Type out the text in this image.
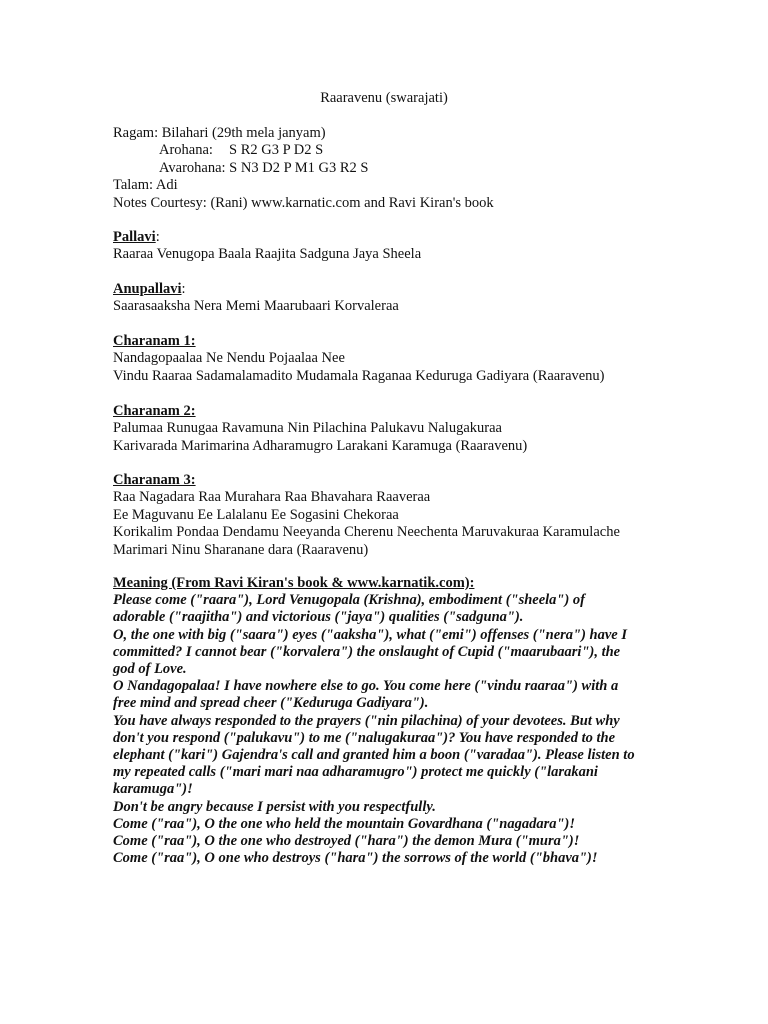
Raaravenu (swarajati)
Ragam: Bilahari (29th mela janyam)
Arohana: S R2 G3 P D2 S
Avarohana: S N3 D2 P M1 G3 R2 S
Talam: Adi
Notes Courtesy: (Rani) www.karnatic.com and Ravi Kiran's book
Pallavi:
Raaraa Venugopa Baala Raajita Sadguna Jaya Sheela
Anupallavi:
Saarasaaksha Nera Memi Maarubaari Korvaleraa
Charanam 1:
Nandagopaalaa Ne Nendu Pojaalaa Nee
Vindu Raaraa Sadamalamadito Mudamala Raganaa Keduruga Gadiyara (Raaravenu)
Charanam 2:
Palumaa Runugaa Ravamuna Nin Pilachina Palukavu Nalugakuraa
Karivarada Marimarina Adharamugro Larakani Karamuga (Raaravenu)
Charanam 3:
Raa Nagadara Raa Murahara Raa Bhavahara Raaveraa
Ee Maguvanu Ee Lalalanu Ee Sogasini Chekoraa
Korikalim Pondaa Dendamu Neeyanda Cherenu Neechenta Maruvakuraa Karamulache
Marimari Ninu Sharanane dara (Raaravenu)
Meaning (From Ravi Kiran's book & www.karnatik.com):
Please come ("raara"), Lord Venugopala (Krishna), embodiment ("sheela") of
adorable ("raajitha") and victorious ("jaya") qualities ("sadguna").
O, the one with big ("saara") eyes ("aaksha"), what ("emi") offenses ("nera") have I
committed? I cannot bear ("korvalera") the onslaught of Cupid ("maarubaari"), the
god of Love.
O Nandagopalaa! I have nowhere else to go. You come here ("vindu raaraa") with a
free mind and spread cheer ("Keduruga Gadiyara").
You have always responded to the prayers ("nin pilachina) of your devotees. But why
don't you respond ("palukavu") to me ("nalugakuraa")? You have responded to the
elephant ("kari") Gajendra's call and granted him a boon ("varadaa"). Please listen to
my repeated calls ("mari mari naa adharamugro") protect me quickly ("larakani
karamuga")!
Don't be angry because I persist with you respectfully.
Come ("raa"), O the one who held the mountain Govardhana ("nagadara")!
Come ("raa"), O the one who destroyed ("hara") the demon Mura ("mura")!
Come ("raa"), O one who destroys ("hara") the sorrows of the world ("bhava")!
